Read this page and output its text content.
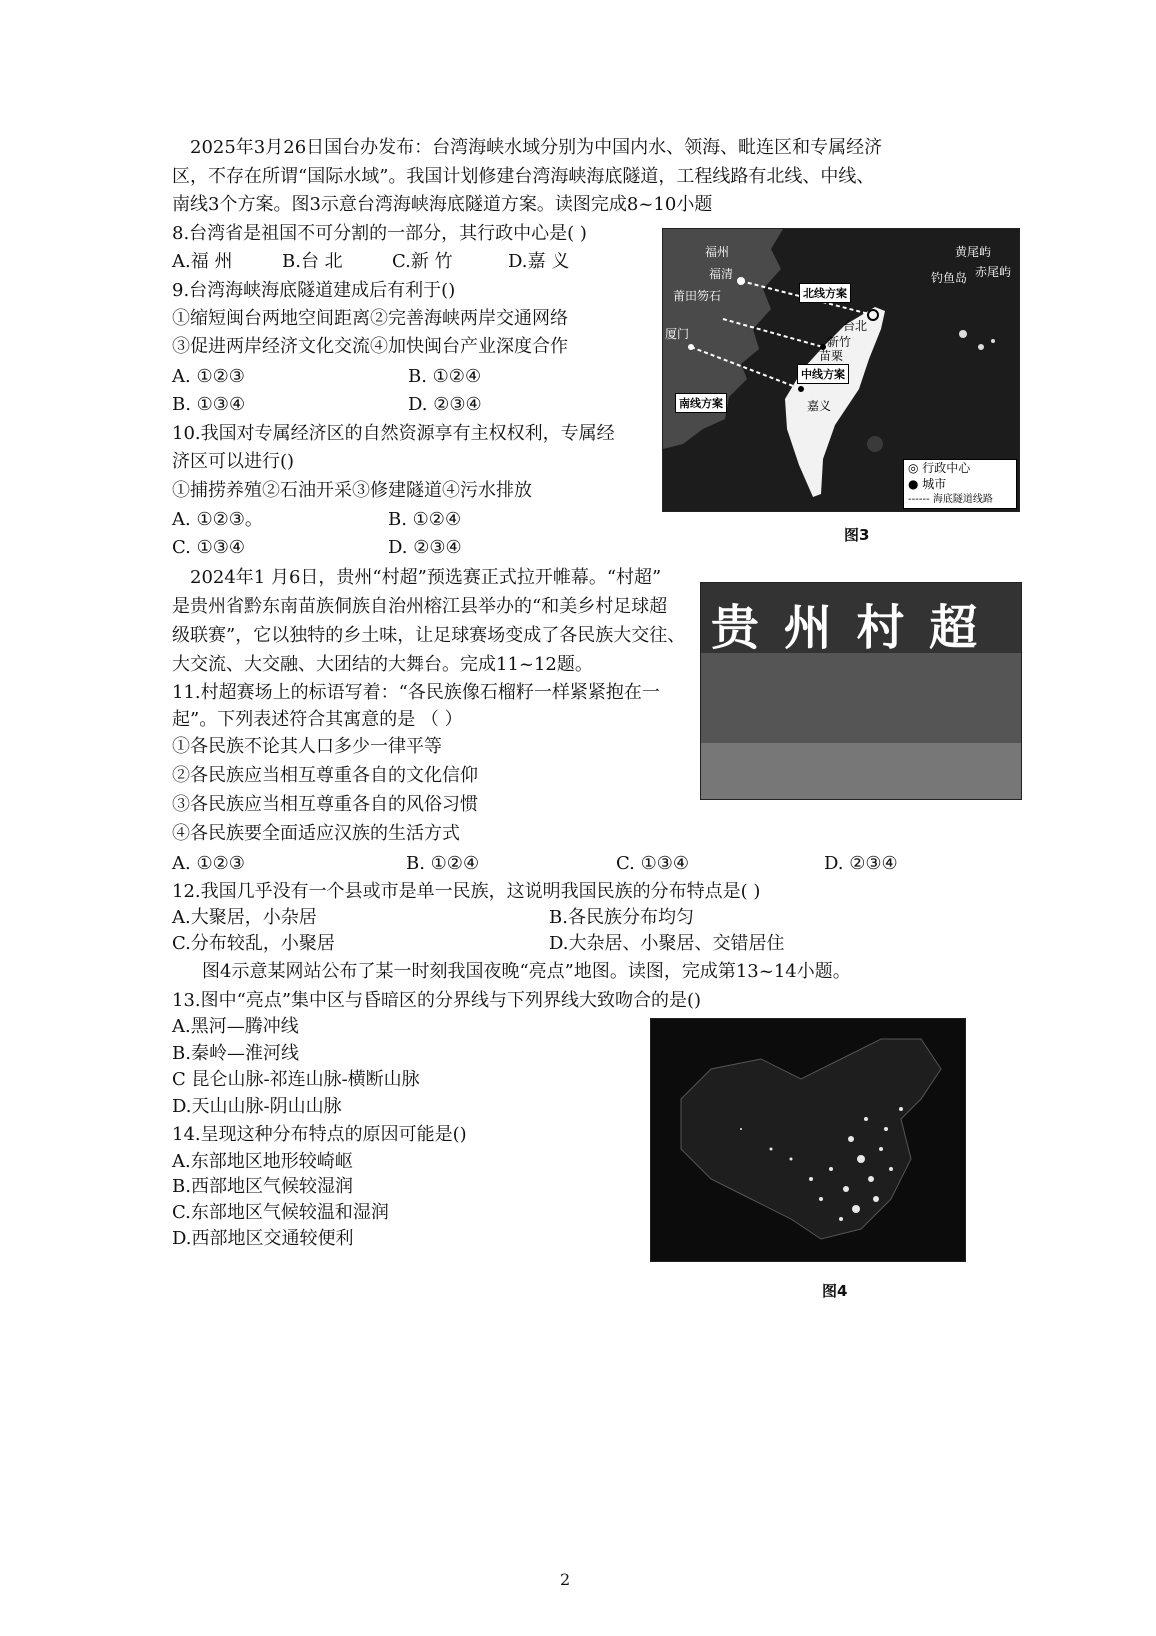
2025年3月26日国台办发布：台湾海峡水域分别为中国内水、领海、毗连区和专属经济
区，不存在所谓“国际水域”。我国计划修建台湾海峡海底隧道，工程线路有北线、中线、
南线3个方案。图3示意台湾海峡海底隧道方案。读图完成8~10小题
8.台湾省是祖国不可分割的一部分，其行政中心是( )
A.福 州	B.台 北	C.新 竹	D.嘉 义
9.台湾海峡海底隧道建成后有利于()
①缩短闽台两地空间距离②完善海峡两岸交通网络
③促进两岸经济文化交流④加快闽台产业深度合作
A. ①②③	B. ①②④
B. ①③④	D. ②③④
10.我国对专属经济区的自然资源享有主权权利，专属经
济区可以进行()
①捕捞养殖②石油开采③修建隧道④污水排放
A. ①②③。	B. ①②④
C. ①③④	D. ②③④
福州
福清
莆田笏石
厦门
北线方案
中线方案
南线方案
台北
新竹
苗栗
嘉义
黄尾屿
钓鱼岛 赤尾屿
◎ 行政中心
● 城市
------ 海底隧道线路
图3
2024年1 月6日，贵州“村超”预选赛正式拉开帷幕。“村超”
是贵州省黔东南苗族侗族自治州榕江县举办的“和美乡村足球超
级联赛”，它以独特的乡土味，让足球赛场变成了各民族大交往、
大交流、大交融、大团结的大舞台。完成11~12题。
贵 州 村 超
11.村超赛场上的标语写着：“各民族像石榴籽一样紧紧抱在一
起”。下列表述符合其寓意的是 （ ）
①各民族不论其人口多少一律平等
②各民族应当相互尊重各自的文化信仰
③各民族应当相互尊重各自的风俗习惯
④各民族要全面适应汉族的生活方式
A. ①②③	B. ①②④	C. ①③④	D. ②③④
12.我国几乎没有一个县或市是单一民族，这说明我国民族的分布特点是( )
A.大聚居，小杂居	B.各民族分布均匀
C.分布较乱，小聚居	D.大杂居、小聚居、交错居住
图4示意某网站公布了某一时刻我国夜晚“亮点”地图。读图，完成第13~14小题。
13.图中“亮点”集中区与昏暗区的分界线与下列界线大致吻合的是()
A.黑河—腾冲线
B.秦岭—淮河线
C 昆仑山脉-祁连山脉-横断山脉
D.天山山脉-阴山山脉
14.呈现这种分布特点的原因可能是()
A.东部地区地形较崎岖
B.西部地区气候较湿润
C.东部地区气候较温和湿润
D.西部地区交通较便利
图4
2
